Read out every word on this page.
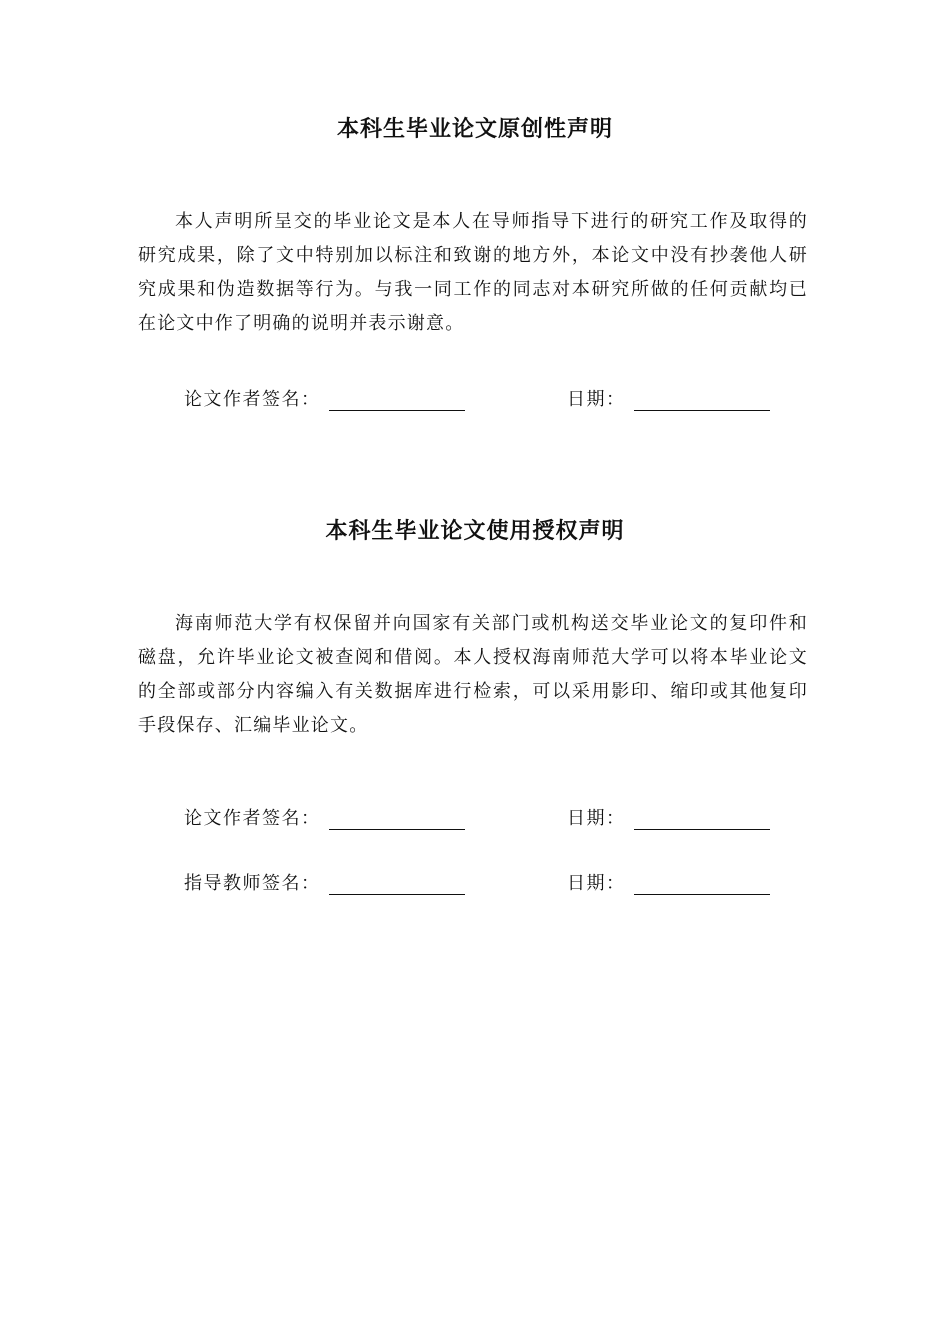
本科生毕业论文原创性声明
本人声明所呈交的毕业论文是本人在导师指导下进行的研究工作及取得的研究成果，除了文中特别加以标注和致谢的地方外，本论文中没有抄袭他人研究成果和伪造数据等行为。与我一同工作的同志对本研究所做的任何贡献均已在论文中作了明确的说明并表示谢意。
论文作者签名：	日期：
本科生毕业论文使用授权声明
海南师范大学有权保留并向国家有关部门或机构送交毕业论文的复印件和磁盘，允许毕业论文被查阅和借阅。本人授权海南师范大学可以将本毕业论文的全部或部分内容编入有关数据库进行检索，可以采用影印、缩印或其他复印手段保存、汇编毕业论文。
论文作者签名：	日期：
指导教师签名：	日期：
